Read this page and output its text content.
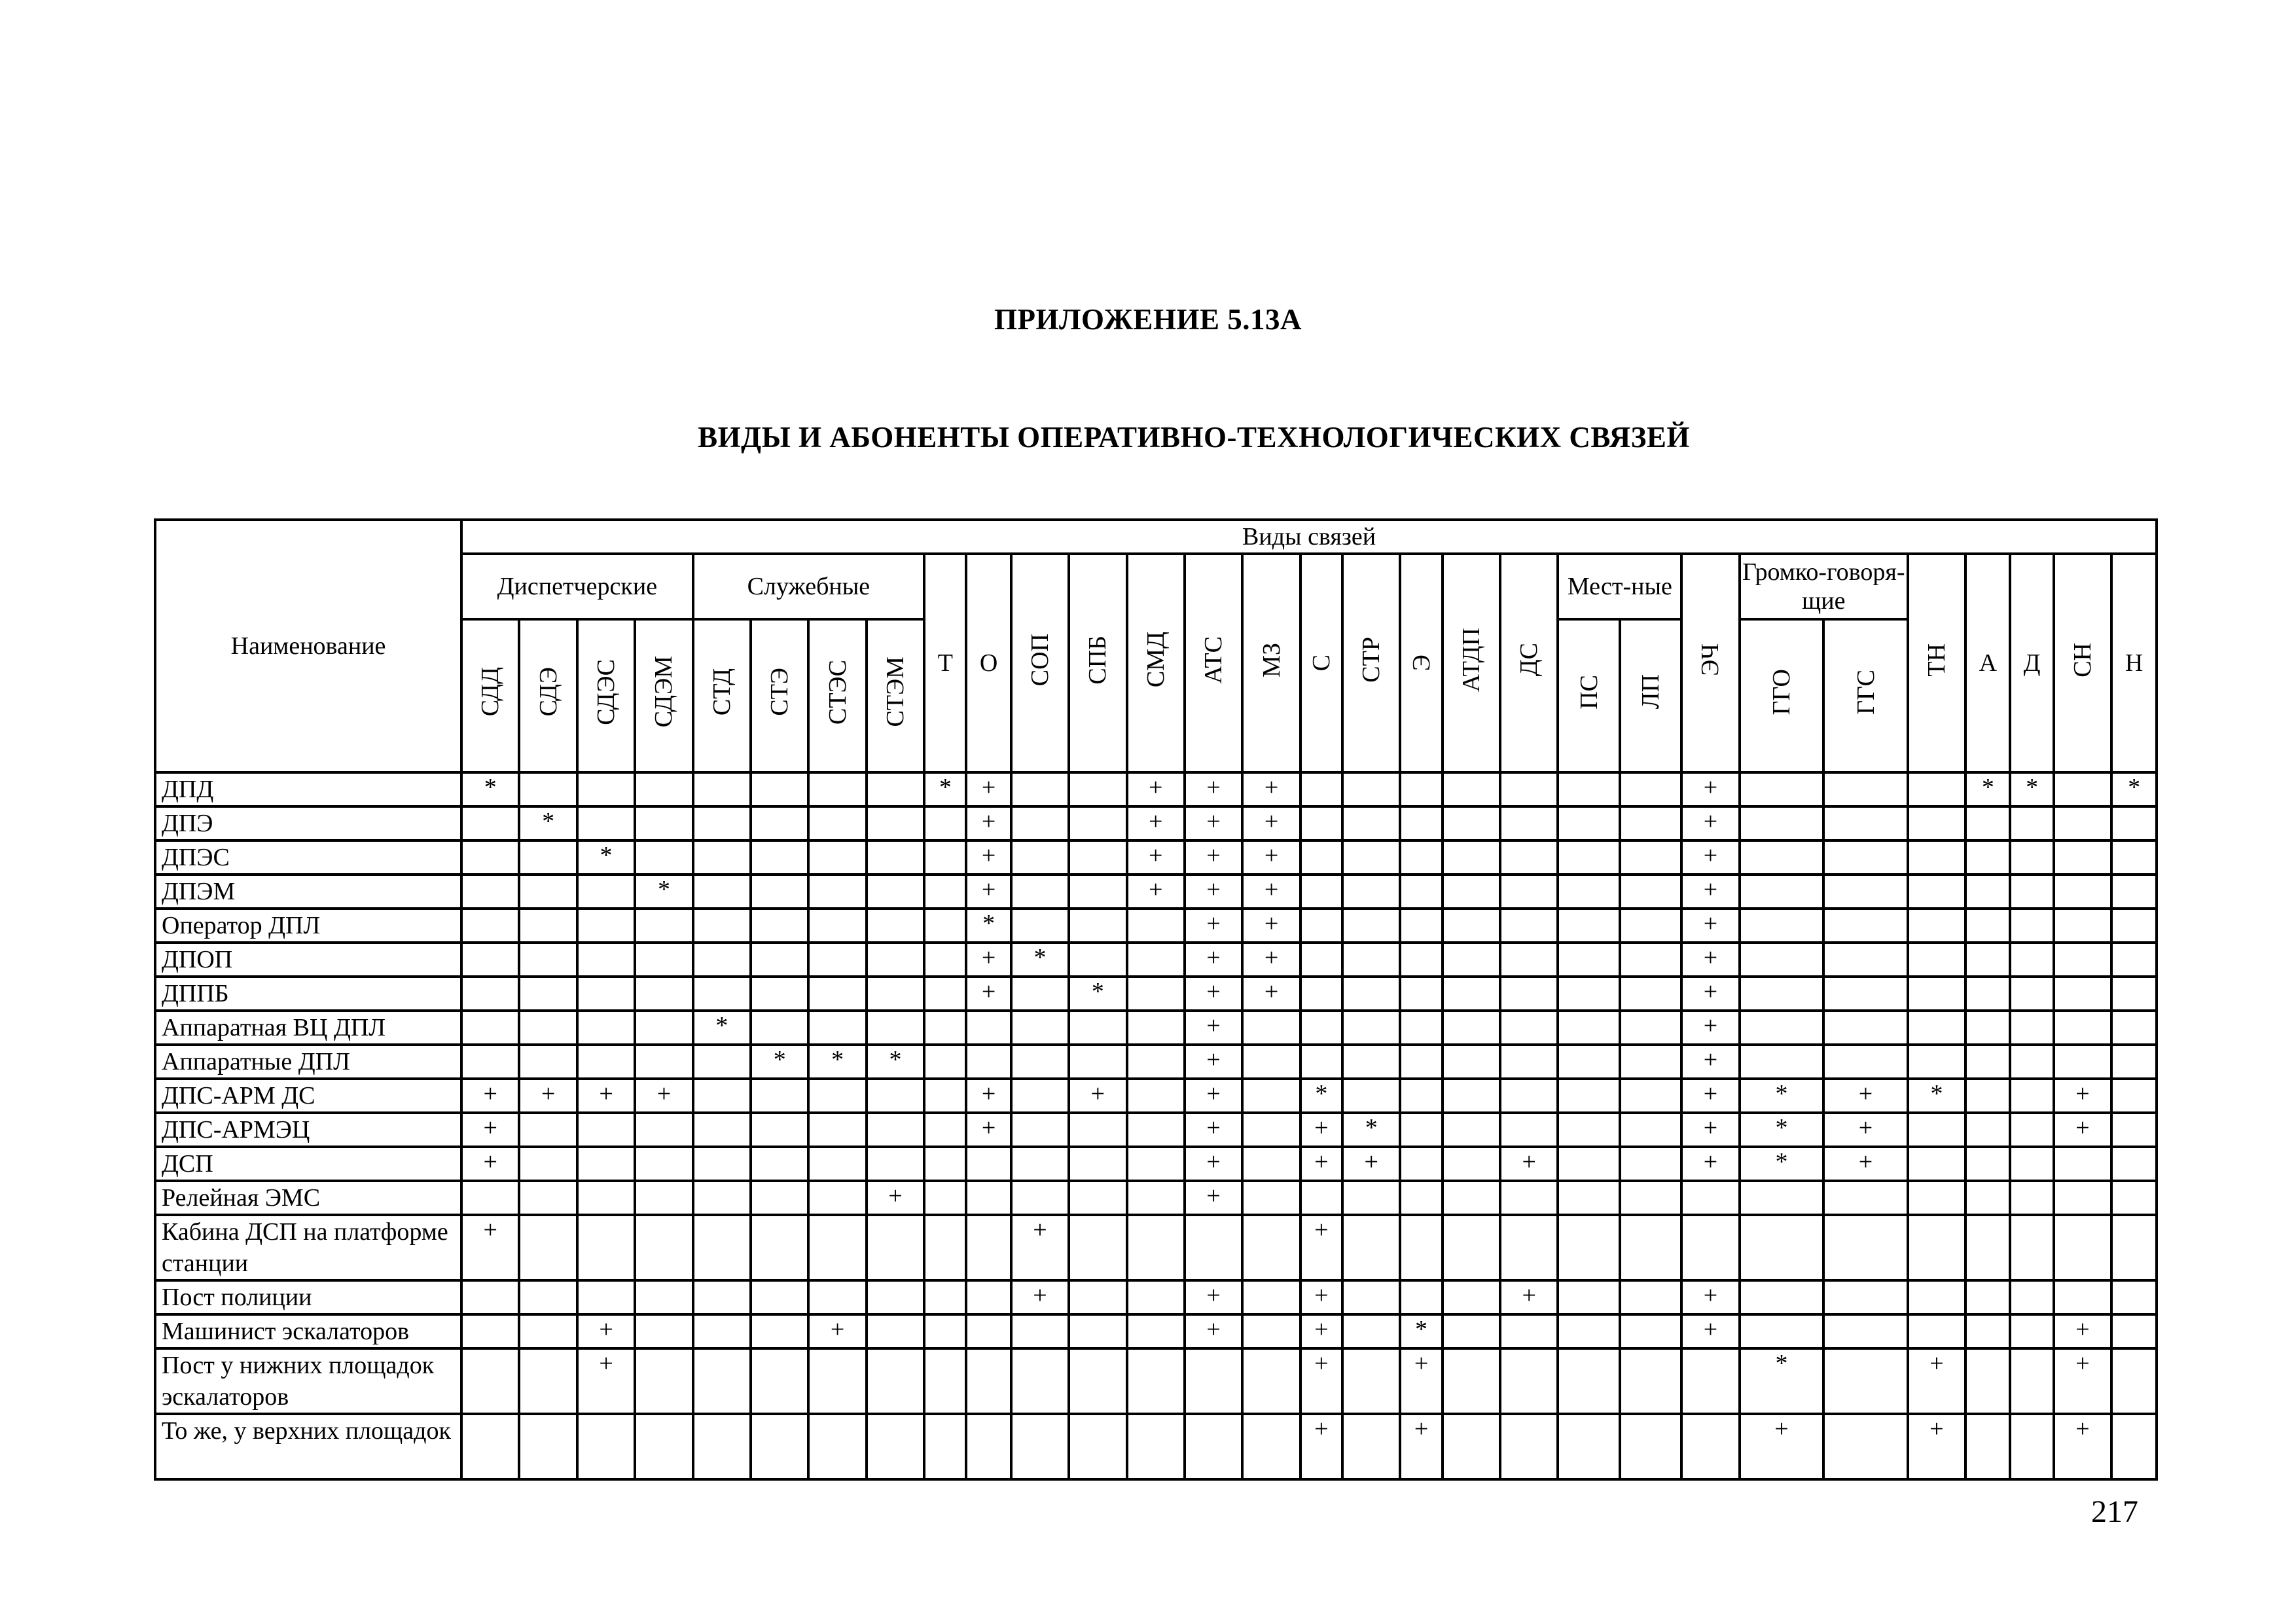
ПРИЛОЖЕНИЕ 5.13А
ВИДЫ И АБОНЕНТЫ ОПЕРАТИВНО-ТЕХНОЛОГИЧЕСКИХ СВЯЗЕЙ
Наименование	Виды связей																													
	Диспетчерские				Служебные				Т	О	СОП	СПБ	СМД	АТС	МЗ	С	СТР	Э	АТДП	ДС	Мест-ные		ЭЧ	Громко-говоря-щие		ТН	А	Д	СН	Н
	СДД	СДЭ	СДЭС	СДЭМ	СТД	СТЭ	СТЭС	СТЭМ													ПС	ЛП		ГГО	ГГС					
ДПД	*								*	+			+	+	+								+				*	*		*
ДПЭ		*								+			+	+	+								+							
ДПЭС			*							+			+	+	+								+							
ДПЭМ				*						+			+	+	+								+							
Оператор ДПЛ										*				+	+								+							
ДПОП										+	*			+	+								+							
ДППБ										+		*		+	+								+							
Аппаратная ВЦ ДПЛ					*									+									+							
Аппаратные ДПЛ						*	*	*						+									+							
ДПС-АРМ ДС	+	+	+	+						+		+		+		*							+	*	+	*			+	
ДПС-АРМЭЦ	+									+				+		+	*						+	*	+				+	
ДСП	+													+		+	+			+			+	*	+					
Релейная ЭМС								+						+																
Кабина ДСП на платформе станции	+										+					+														
Пост полиции											+			+		+				+			+							
Машинист эскалаторов			+				+							+		+		*					+						+	
Пост у нижних площадок эскалаторов			+													+		+						*		+			+	
То же, у верхних площадок																+		+						+		+			+	
217
